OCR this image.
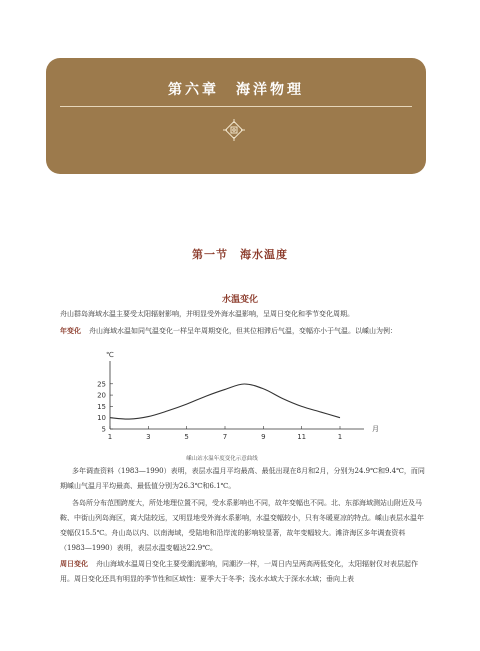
第六章　海洋物理
第一节　海水温度
水温变化

舟山群岛海域水温主要受太阳辐射影响，并明显受外海水温影响，呈周日变化和季节变化周期。

年变化 舟山海域水温如同气温变化一样呈年周期变化，但其位相滞后气温，变幅亦小于气温。以嵊山为例：

℃
5
10
15
20
25
1	3	5	7	9	11	1
月
嵊山站水温年度变化示意曲线

多年调查资料（1983—1990）表明，表层水温月平均最高、最低出现在8月和2月，分别为24.9℃和9.4℃，而同期嵊山气温月平均最高、最低值分别为26.3℃和6.1℃。

各岛所分布范围跨度大，所处地理位置不同，受水系影响也不同，故年变幅也不同。北、东部海域测站山附近及马鞍、中街山列岛海区，离大陆较远，又明显地受外海水系影响，水温变幅较小，只有冬暖夏凉的特点。嵊山表层水温年变幅仅15.5℃。舟山岛以内、以南海域，受陆地和沿岸流的影响较显著，故年变幅较大。滩浒海区多年调查资料（1983—1990）表明，表层水温变幅达22.9℃。

周日变化 舟山海域水温周日变化主要受潮流影响，同潮汐一样，一周日内呈两高两低变化，太阳辐射仅对表层起作用。周日变化还具有明显的季节性和区域性：夏季大于冬季；浅水水域大于深水水域；垂向上表
